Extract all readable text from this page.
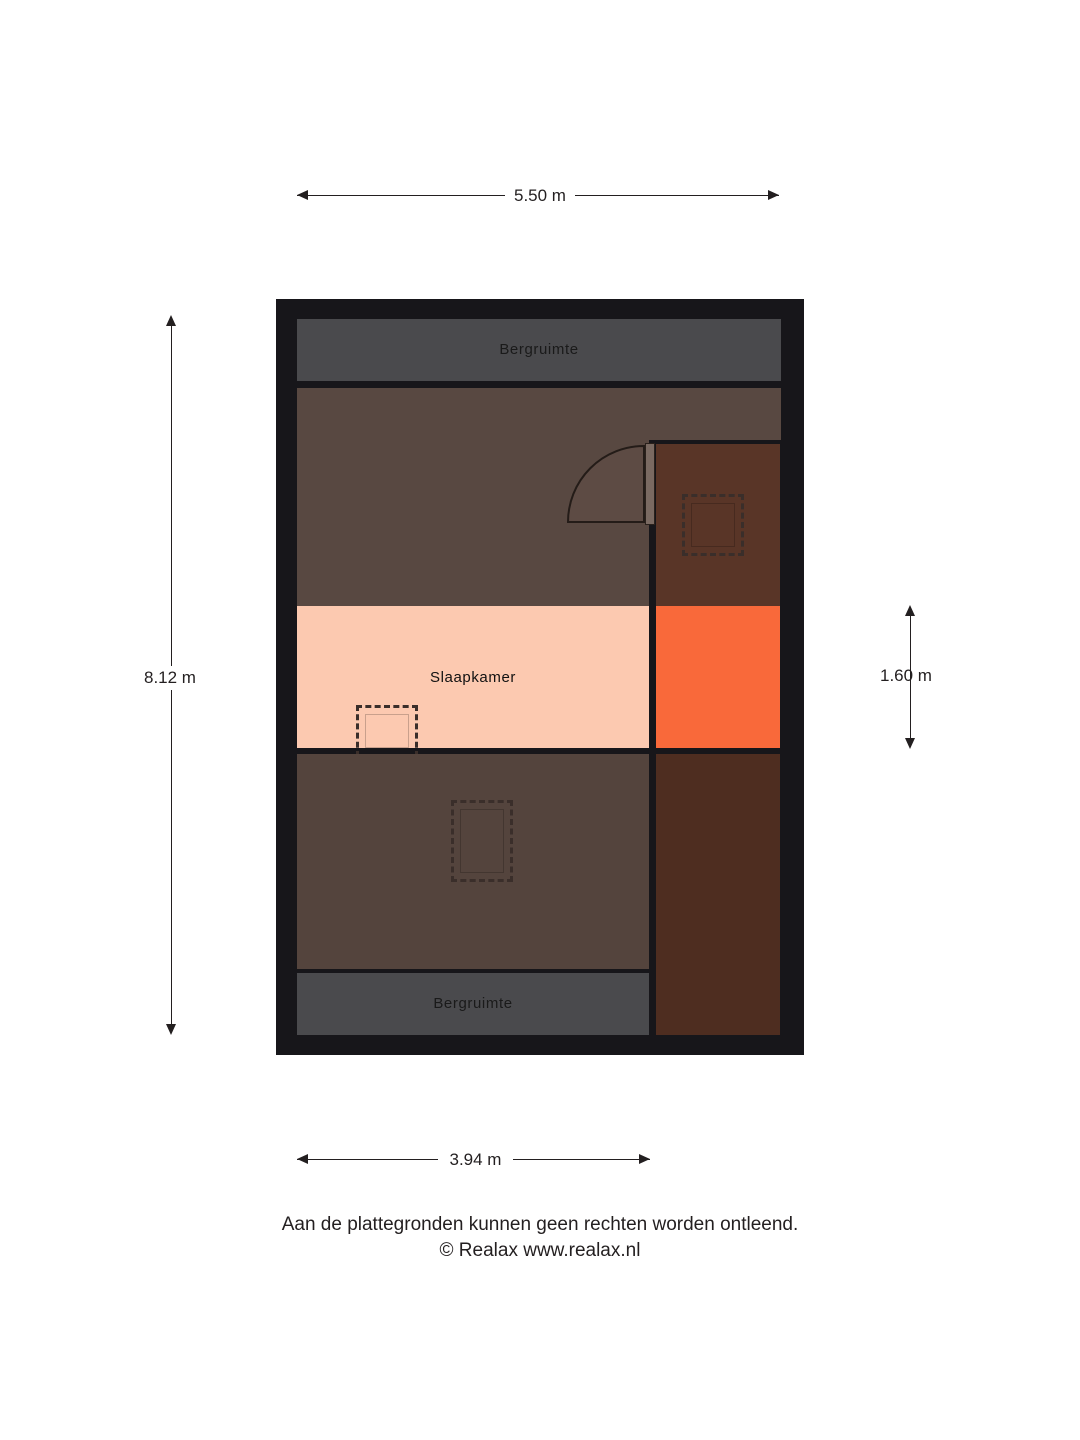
5.50 m
8.12 m	1.60 m
3.94 m
Bergruimte
Slaapkamer
Bergruimte
Aan de plattegronden kunnen geen rechten worden ontleend.
© Realax www.realax.nl
